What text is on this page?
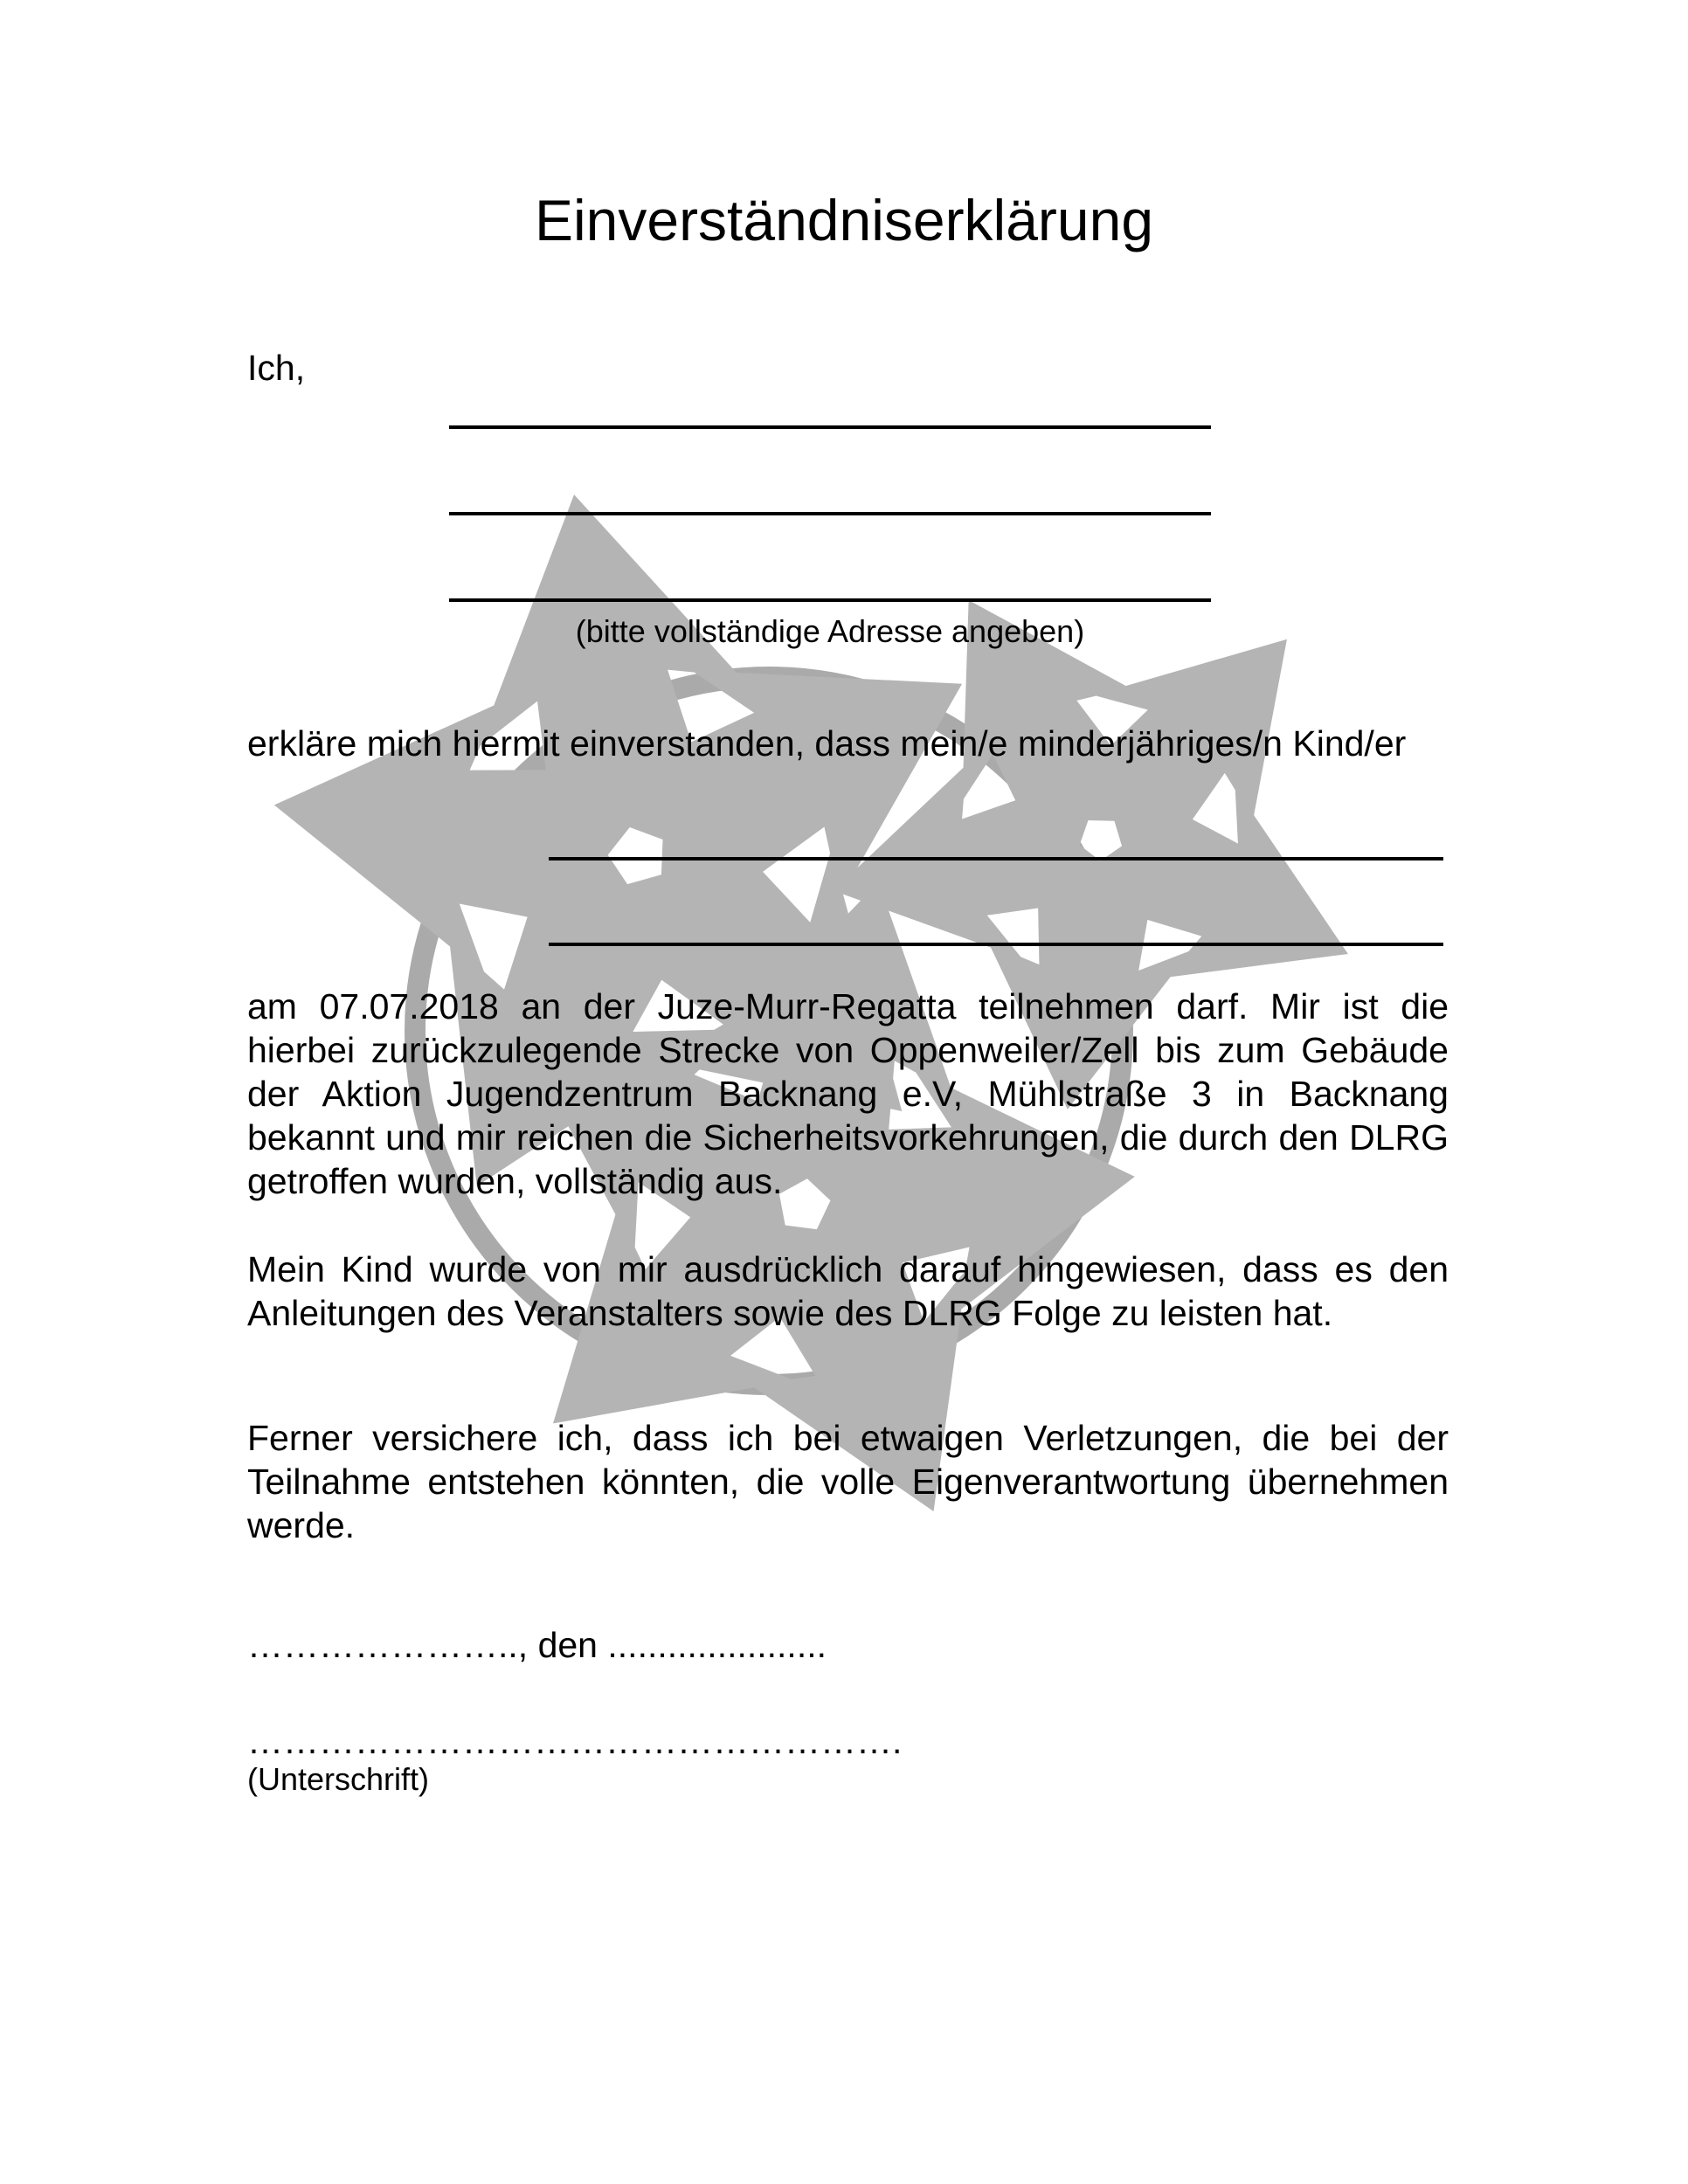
Einverständniserklärung
Ich,
(bitte vollständige Adresse angeben)
erkläre mich hiermit einverstanden, dass mein/e minderjähriges/n Kind/er
am 07.07.2018 an der Juze-Murr-Regatta teilnehmen darf. Mir ist die hierbei zurückzulegende Strecke von Oppenweiler/Zell bis zum Gebäude der Aktion Jugendzentrum Backnang e.V, Mühlstraße 3 in Backnang bekannt und mir reichen die Sicherheitsvorkehrungen, die durch den DLRG getroffen wurden, vollständig aus.
Mein Kind wurde von mir ausdrücklich darauf hingewiesen, dass es den Anleitungen des Veranstalters sowie des DLRG Folge zu leisten hat.
Ferner versichere ich, dass ich bei etwaigen Verletzungen, die bei der Teilnahme entstehen könnten, die volle Eigenverantwortung übernehmen werde.
………………….., den ......................
……………………………………………….
(Unterschrift)
